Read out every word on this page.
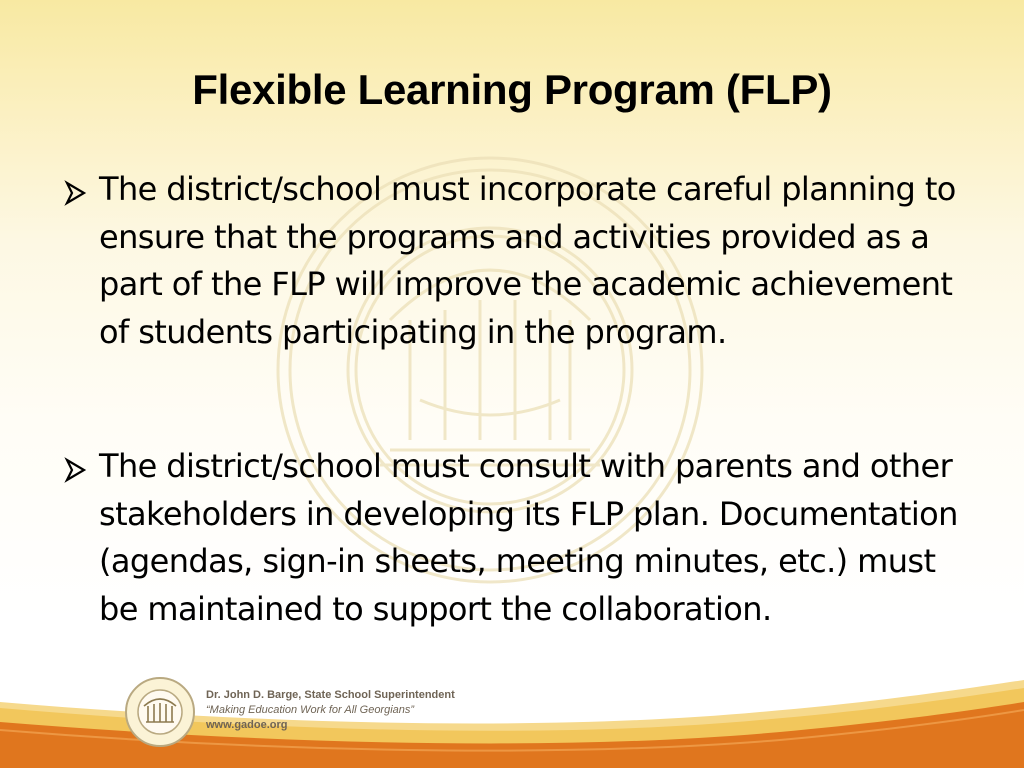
Flexible Learning Program (FLP)
The district/school must incorporate careful planning to ensure that the programs and activities provided as a part of the FLP will improve the academic achievement of students participating in the program.
The district/school must consult with parents and other stakeholders in developing its FLP plan. Documentation (agendas, sign-in sheets, meeting minutes, etc.) must be maintained to support the collaboration.
Dr. John D. Barge, State School Superintendent
“Making Education Work for All Georgians”
www.gadoe.org
